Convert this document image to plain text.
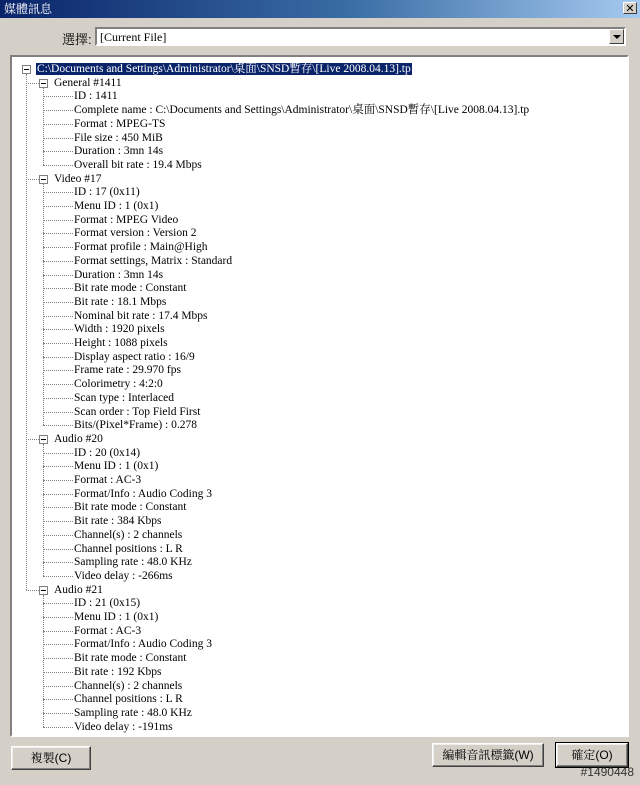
媒體訊息	✕
選擇: [Current File]
C:\Documents and Settings\Administrator\桌面\SNSD暫存\[Live 2008.04.13].tp
General #1411
ID : 1411
Complete name : C:\Documents and Settings\Administrator\桌面\SNSD暫存\[Live 2008.04.13].tp
Format : MPEG-TS
File size : 450 MiB
Duration : 3mn 14s
Overall bit rate : 19.4 Mbps
Video #17
ID : 17 (0x11)
Menu ID : 1 (0x1)
Format : MPEG Video
Format version : Version 2
Format profile : Main@High
Format settings, Matrix : Standard
Duration : 3mn 14s
Bit rate mode : Constant
Bit rate : 18.1 Mbps
Nominal bit rate : 17.4 Mbps
Width : 1920 pixels
Height : 1088 pixels
Display aspect ratio : 16/9
Frame rate : 29.970 fps
Colorimetry : 4:2:0
Scan type : Interlaced
Scan order : Top Field First
Bits/(Pixel*Frame) : 0.278
Audio #20
ID : 20 (0x14)
Menu ID : 1 (0x1)
Format : AC-3
Format/Info : Audio Coding 3
Bit rate mode : Constant
Bit rate : 384 Kbps
Channel(s) : 2 channels
Channel positions : L R
Sampling rate : 48.0 KHz
Video delay : -266ms
Audio #21
ID : 21 (0x15)
Menu ID : 1 (0x1)
Format : AC-3
Format/Info : Audio Coding 3
Bit rate mode : Constant
Bit rate : 192 Kbps
Channel(s) : 2 channels
Channel positions : L R
Sampling rate : 48.0 KHz
Video delay : -191ms
複製(C)	編輯音訊標籤(W)	確定(O)
#1490448
